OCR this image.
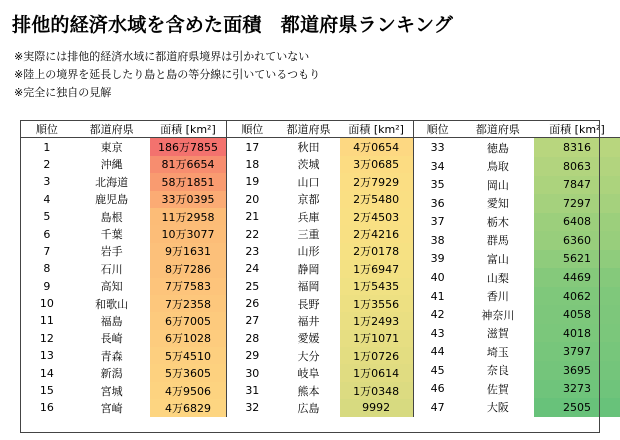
排他的経済水域を含めた面積　都道府県ランキング
※実際には排他的経済水域に都道府県境界は引かれていない
※陸上の境界を延長したり島と島の等分線に引いているつもり
※完全に独自の見解
順位	都道府県	面積 [km²]
1	東京	186万7855
2	沖縄	81万6654
3	北海道	58万1851
4	鹿児島	33万0395
5	島根	11万2958
6	千葉	10万3077
7	岩手	9万1631
8	石川	8万7286
9	高知	7万7583
10	和歌山	7万2358
11	福島	6万7005
12	長崎	6万1028
13	青森	5万4510
14	新潟	5万3605
15	宮城	4万9506
16	宮崎	4万6829
順位	都道府県	面積 [km²]
17	秋田	4万0654
18	茨城	3万0685
19	山口	2万7929
20	京都	2万5480
21	兵庫	2万4503
22	三重	2万4216
23	山形	2万0178
24	静岡	1万6947
25	福岡	1万5435
26	長野	1万3556
27	福井	1万2493
28	愛媛	1万1071
29	大分	1万0726
30	岐阜	1万0614
31	熊本	1万0348
32	広島	9992
順位	都道府県	面積 [km²]
33	徳島	8316
34	鳥取	8063
35	岡山	7847
36	愛知	7297
37	栃木	6408
38	群馬	6360
39	富山	5621
40	山梨	4469
41	香川	4062
42	神奈川	4058
43	滋賀	4018
44	埼玉	3797
45	奈良	3695
46	佐賀	3273
47	大阪	2505
